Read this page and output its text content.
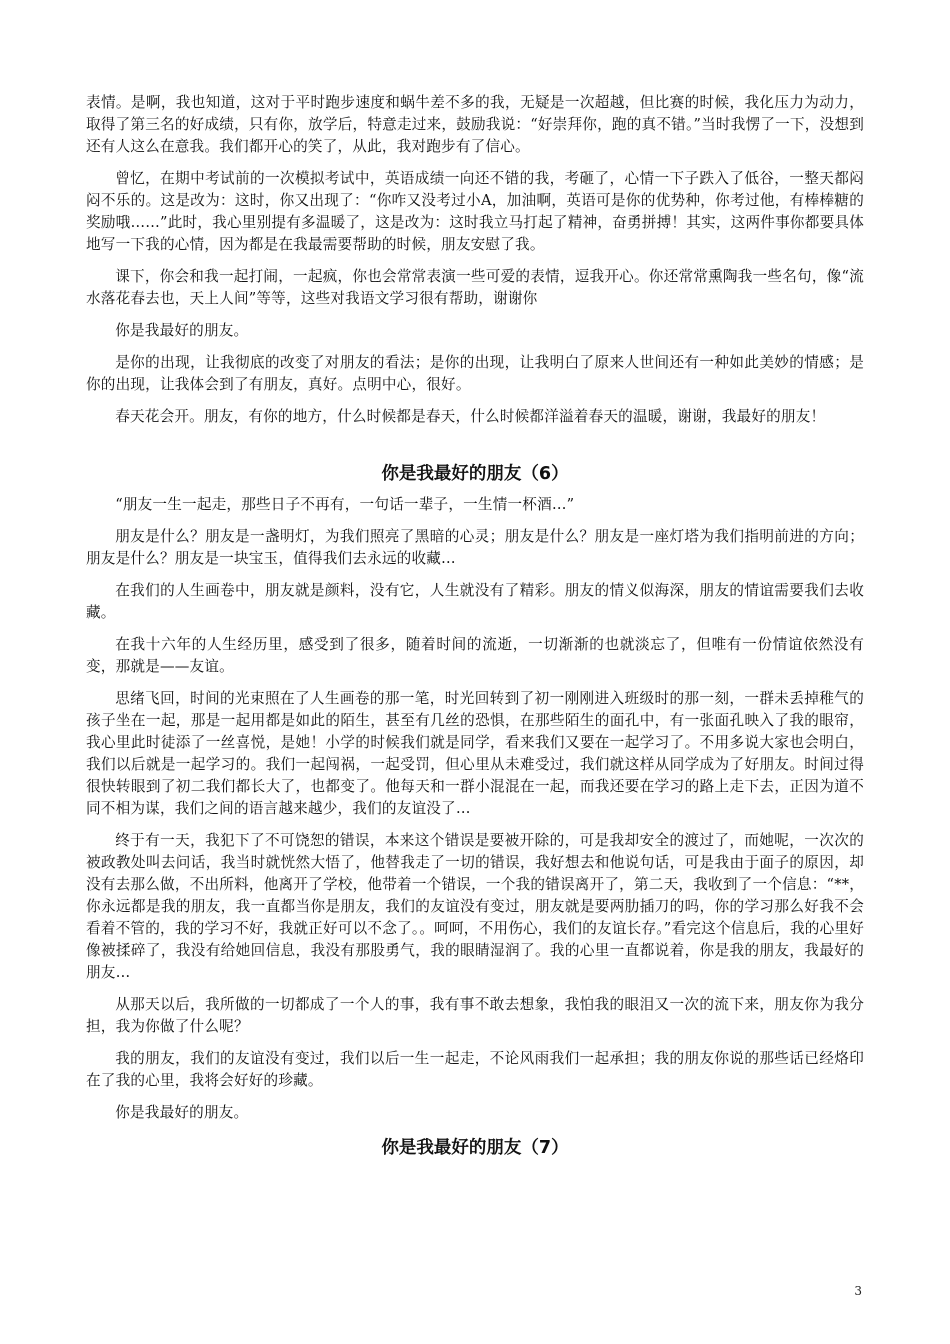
表情。是啊，我也知道，这对于平时跑步速度和蜗牛差不多的我，无疑是一次超越，但比赛的时候，我化压力为动力，取得了第三名的好成绩，只有你，放学后，特意走过来，鼓励我说：“好崇拜你，跑的真不错。”当时我愣了一下，没想到还有人这么在意我。我们都开心的笑了，从此，我对跑步有了信心。

曾忆，在期中考试前的一次模拟考试中，英语成绩一向还不错的我，考砸了，心情一下子跌入了低谷，一整天都闷闷不乐的。这是改为：这时，你又出现了：“你咋又没考过小A，加油啊，英语可是你的优势种，你考过他，有棒棒糖的奖励哦……”此时，我心里别提有多温暖了，这是改为：这时我立马打起了精神，奋勇拼搏！其实，这两件事你都要具体地写一下我的心情，因为都是在我最需要帮助的时候，朋友安慰了我。

课下，你会和我一起打闹，一起疯，你也会常常表演一些可爱的表情，逗我开心。你还常常熏陶我一些名句，像“流水落花春去也，天上人间”等等，这些对我语文学习很有帮助，谢谢你

你是我最好的朋友。

是你的出现，让我彻底的改变了对朋友的看法；是你的出现，让我明白了原来人世间还有一种如此美妙的情感；是你的出现，让我体会到了有朋友，真好。点明中心，很好。

春天花会开。朋友，有你的地方，什么时候都是春天，什么时候都洋溢着春天的温暖，谢谢，我最好的朋友！

你是我最好的朋友（6）

“朋友一生一起走，那些日子不再有，一句话一辈子，一生情一杯酒…”

朋友是什么？朋友是一盏明灯，为我们照亮了黑暗的心灵；朋友是什么？朋友是一座灯塔为我们指明前进的方向；朋友是什么？朋友是一块宝玉，值得我们去永远的收藏…

在我们的人生画卷中，朋友就是颜料，没有它，人生就没有了精彩。朋友的情义似海深，朋友的情谊需要我们去收藏。

在我十六年的人生经历里，感受到了很多，随着时间的流逝，一切渐渐的也就淡忘了，但唯有一份情谊依然没有变，那就是——友谊。

思绪飞回，时间的光束照在了人生画卷的那一笔，时光回转到了初一刚刚进入班级时的那一刻，一群未丢掉稚气的孩子坐在一起，那是一起用都是如此的陌生，甚至有几丝的恐惧，在那些陌生的面孔中，有一张面孔映入了我的眼帘，我心里此时徒添了一丝喜悦，是她！小学的时候我们就是同学，看来我们又要在一起学习了。不用多说大家也会明白，我们以后就是一起学习的。我们一起闯祸，一起受罚，但心里从未难受过，我们就这样从同学成为了好朋友。时间过得很快转眼到了初二我们都长大了，也都变了。他每天和一群小混混在一起，而我还要在学习的路上走下去，正因为道不同不相为谋，我们之间的语言越来越少，我们的友谊没了…

终于有一天，我犯下了不可饶恕的错误，本来这个错误是要被开除的，可是我却安全的渡过了，而她呢，一次次的被政教处叫去问话，我当时就恍然大悟了，他替我走了一切的错误，我好想去和他说句话，可是我由于面子的原因，却没有去那么做，不出所料，他离开了学校，他带着一个错误，一个我的错误离开了，第二天，我收到了一个信息：“**，你永远都是我的朋友，我一直都当你是朋友，我们的友谊没有变过，朋友就是要两肋插刀的吗，你的学习那么好我不会看着不管的，我的学习不好，我就正好可以不念了。。呵呵，不用伤心，我们的友谊长存。”看完这个信息后，我的心里好像被揉碎了，我没有给她回信息，我没有那股勇气，我的眼睛湿润了。我的心里一直都说着，你是我的朋友，我最好的朋友…

从那天以后，我所做的一切都成了一个人的事，我有事不敢去想象，我怕我的眼泪又一次的流下来，朋友你为我分担，我为你做了什么呢？

我的朋友，我们的友谊没有变过，我们以后一生一起走，不论风雨我们一起承担；我的朋友你说的那些话已经烙印在了我的心里，我将会好好的珍藏。

你是我最好的朋友。

你是我最好的朋友（7）
3
